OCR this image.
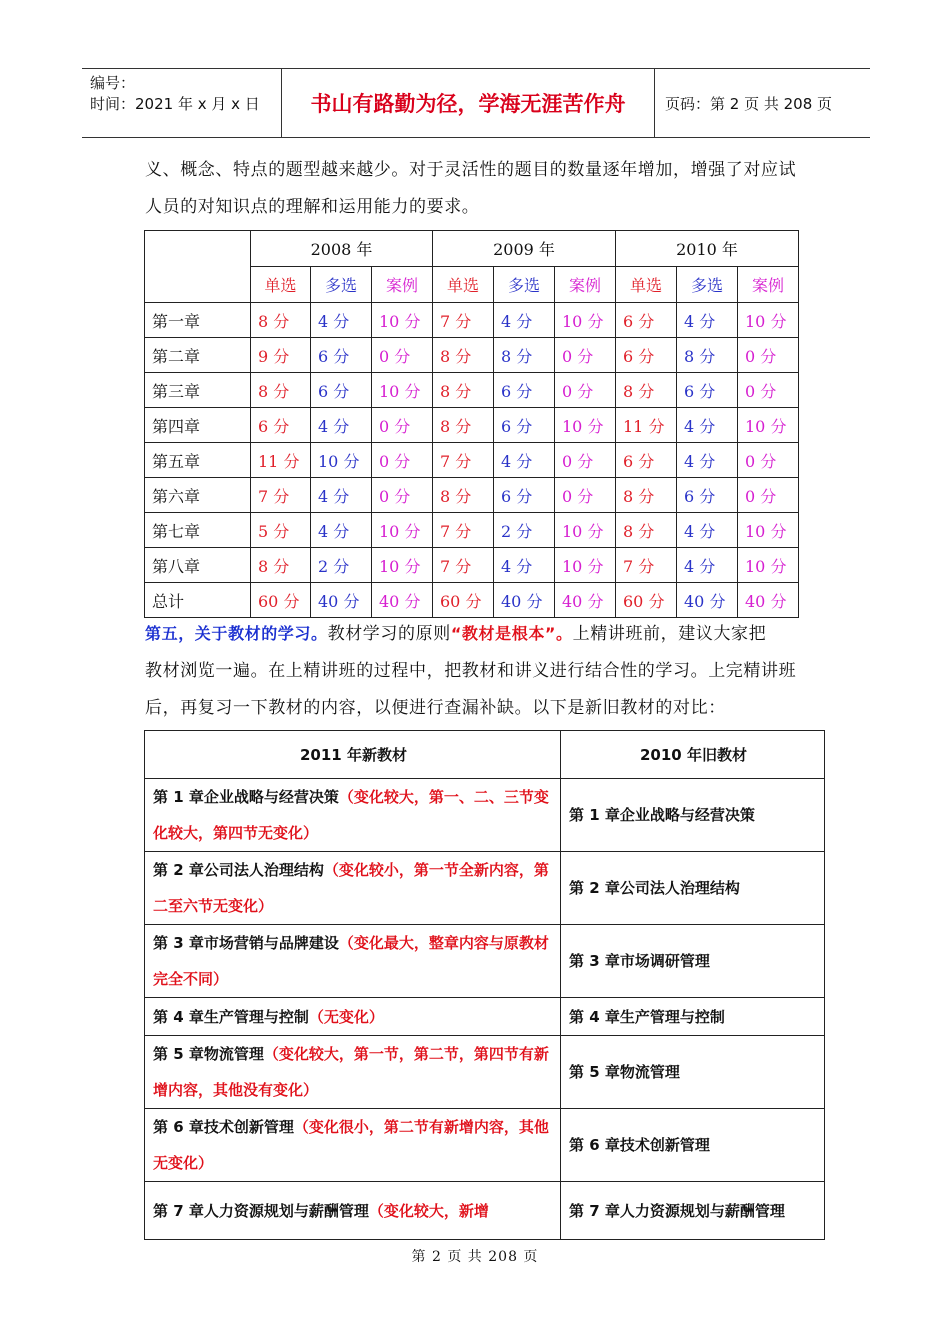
编号：
时间：2021 年 x 月 x 日	书山有路勤为径，学海无涯苦作舟	页码：第 2 页 共 208 页
义、概念、特点的题型越来越少。对于灵活性的题目的数量逐年增加，增强了对应试
人员的对知识点的理解和运用能力的要求。
	2008 年			2009 年			2010 年		
	单选	多选	案例	单选	多选	案例	单选	多选	案例
第一章	8 分	4 分	10 分	7 分	4 分	10 分	6 分	4 分	10 分
第二章	9 分	6 分	0 分	8 分	8 分	0 分	6 分	8 分	0 分
第三章	8 分	6 分	10 分	8 分	6 分	0 分	8 分	6 分	0 分
第四章	6 分	4 分	0 分	8 分	6 分	10 分	11 分	4 分	10 分
第五章	11 分	10 分	0 分	7 分	4 分	0 分	6 分	4 分	0 分
第六章	7 分	4 分	0 分	8 分	6 分	0 分	8 分	6 分	0 分
第七章	5 分	4 分	10 分	7 分	2 分	10 分	8 分	4 分	10 分
第八章	8 分	2 分	10 分	7 分	4 分	10 分	7 分	4 分	10 分
总计	60 分	40 分	40 分	60 分	40 分	40 分	60 分	40 分	40 分
第五，关于教材的学习。教材学习的原则“教材是根本”。上精讲班前，建议大家把
教材浏览一遍。在上精讲班的过程中，把教材和讲义进行结合性的学习。上完精讲班
后，再复习一下教材的内容，以便进行查漏补缺。以下是新旧教材的对比：
2011 年新教材	2010 年旧教材
第 1 章企业战略与经营决策（变化较大，第一、二、三节变化较大，第四节无变化）	第 1 章企业战略与经营决策
第 2 章公司法人治理结构（变化较小，第一节全新内容，第二至六节无变化）	第 2 章公司法人治理结构
第 3 章市场营销与品牌建设（变化最大，整章内容与原教材完全不同）	第 3 章市场调研管理
第 4 章生产管理与控制（无变化）	第 4 章生产管理与控制
第 5 章物流管理（变化较大，第一节，第二节，第四节有新增内容，其他没有变化）	第 5 章物流管理
第 6 章技术创新管理（变化很小，第二节有新增内容，其他无变化）	第 6 章技术创新管理
第 7 章人力资源规划与薪酬管理（变化较大，新增	第 7 章人力资源规划与薪酬管理
第 2 页 共 208 页
